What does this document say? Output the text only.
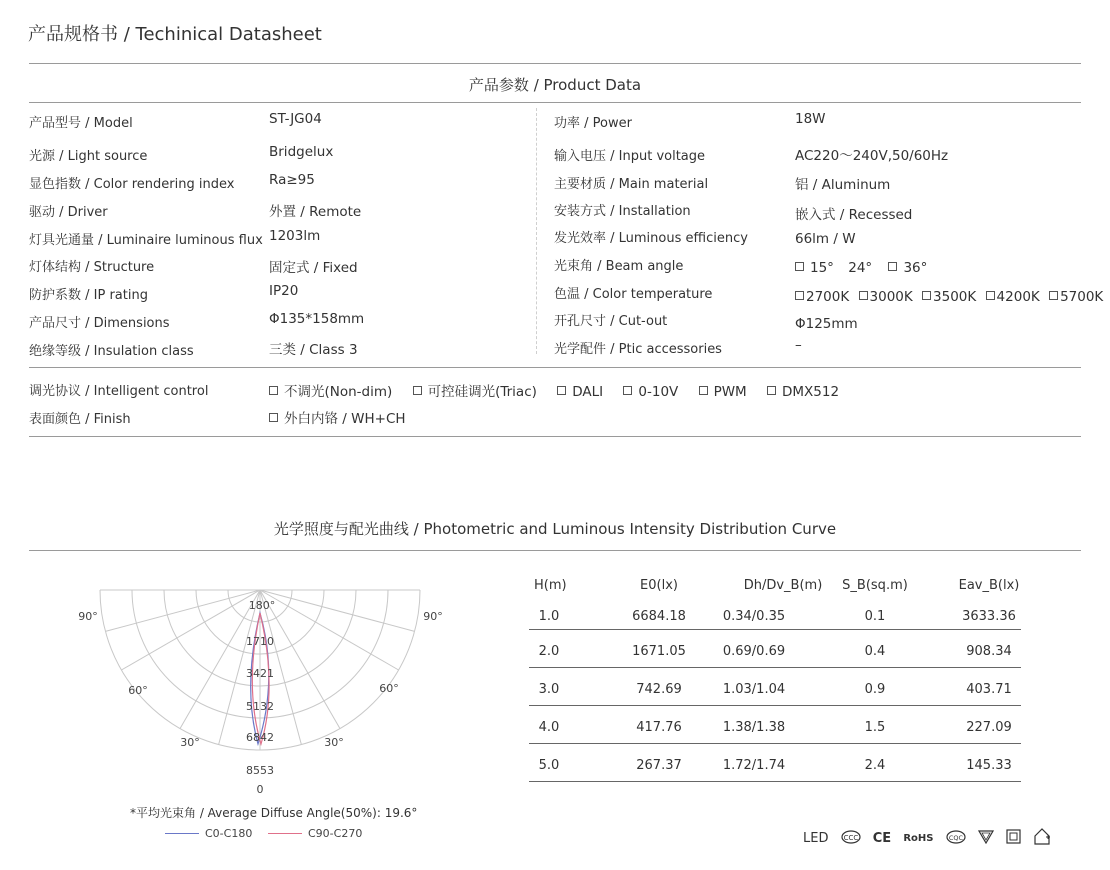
产品规格书 / Techinical Datasheet
产品参数 / Product Data
产品型号 / Model	ST-JG04
光源 / Light source	Bridgelux
显色指数 / Color rendering index	Ra≥95
驱动 / Driver	外置 / Remote
灯具光通量 / Luminaire luminous flux 1203lm
灯体结构 / Structure	固定式 / Fixed
防护系数 / IP rating	IP20
产品尺寸 / Dimensions	Φ135*158mm
绝缘等级 / Insulation class	三类 / Class 3
功率 / Power	18W
输入电压 / Input voltage	AC220～240V,50/60Hz
主要材质 / Main material	铝 / Aluminum
安装方式 / Installation	嵌入式 / Recessed
发光效率 / Luminous efficiency	66lm / W
光束角 / Beam angle	15° 24° 36°
色温 / Color temperature	2700K 3000K 3500K 4200K 5700K
开孔尺寸 / Cut-out	Φ125mm
光学配件 / Ptic accessories	–
调光协议 / Intelligent control	不调光(Non-dim)	可控硅调光(Triac)	DALI	0-10V	PWM	DMX512
表面颜色 / Finish	外白内铬 / WH+CH
光学照度与配光曲线 / Photometric and Luminous Intensity Distribution Curve
180°
90°	90°
60°	60°
30°	30°
0
1710
3421
5132
6842
8553
*平均光束角 / Average Diffuse Angle(50%): 19.6°
C0-C180	C90-C270
H(m)	E0(lx)	Dh/Dv_B(m)	S_B(sq.m)	Eav_B(lx)
1.0	6684.18	0.34/0.35	0.1	3633.36
2.0	1671.05	0.69/0.69	0.4	908.34
3.0	742.69	1.03/1.04	0.9	403.71
4.0	417.76	1.38/1.38	1.5	227.09
5.0	267.37	1.72/1.74	2.4	145.33
LED CCC CE RoHS CQC
